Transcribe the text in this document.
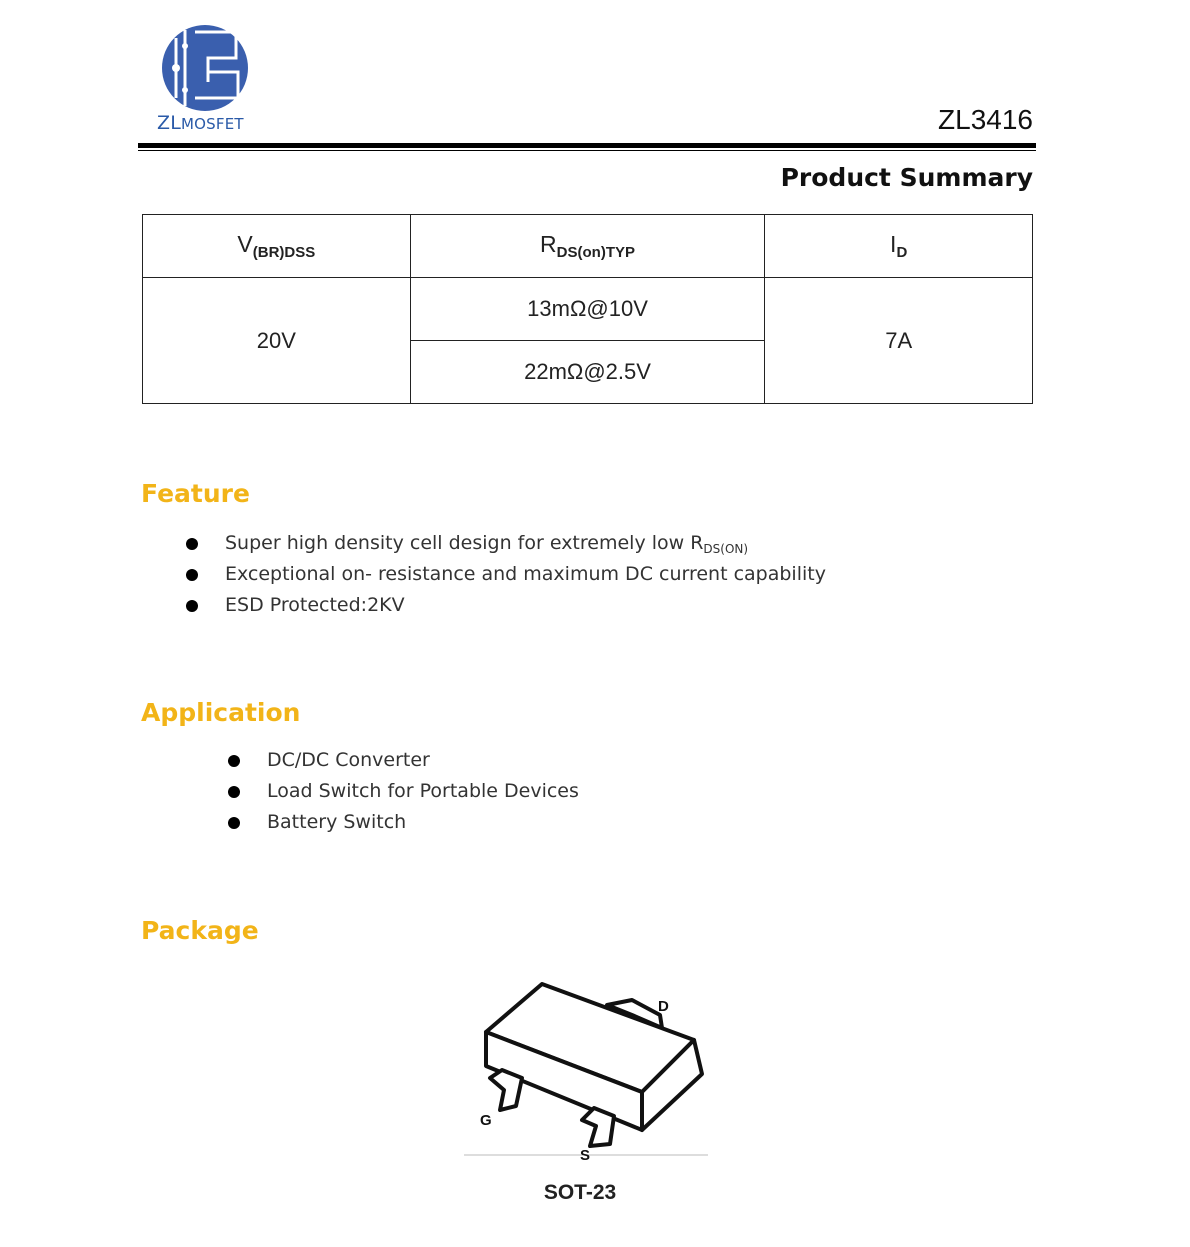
ZLMOSFET	ZL3416
Product Summary
$V_{(BR)DSS}$	$R_{DS(on)TYP}$	$I_D$
20V	13mΩ@10V	7A
	22mΩ@2.5V	
Feature
Super high density cell design for extremely low $R_{DS(ON)}$
Exceptional on- resistance and maximum DC current capability
ESD Protected:2KV
Application
DC/DC Converter
Load Switch for Portable Devices
Battery Switch
Package
D
G
S
SOT-23
